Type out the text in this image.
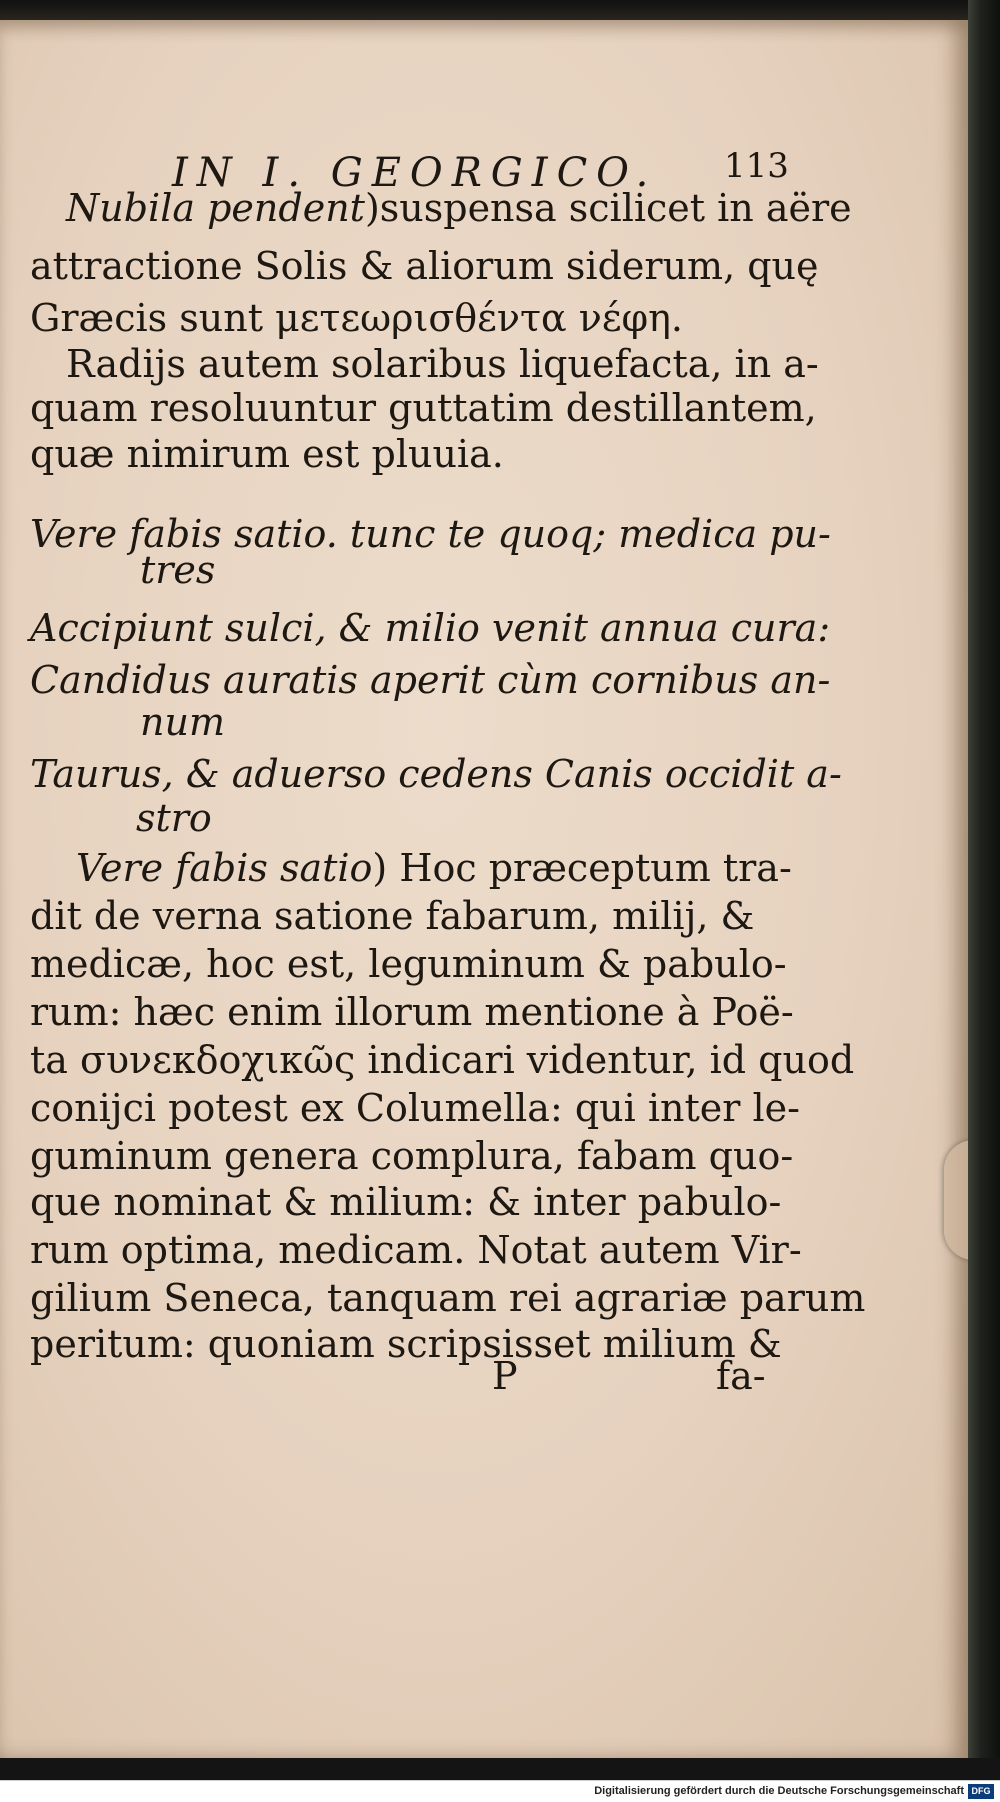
IN I. GEORGICO.	113
Nubila pendent)suspensa scilicet in aëre
attractione Solis & aliorum siderum, quę
Græcis sunt μετεωρισθέντα νέφη.
Radijs autem solaribus liquefacta, in a-
quam resoluuntur guttatim destillantem,
quæ nimirum est pluuia.
Vere fabis satio. tunc te quoq; medica pu-
tres
Accipiunt sulci, & milio venit annua cura:
Candidus auratis aperit cùm cornibus an-
num
Taurus, & aduerso cedens Canis occidit a-
stro
Vere fabis satio) Hoc præceptum tra-
dit de verna satione fabarum, milij, &
medicæ, hoc est, leguminum & pabulo-
rum: hæc enim illorum mentione à Poë-
ta συνεκδοχικῶς indicari videntur, id quod
conijci potest ex Columella: qui inter le-
guminum genera complura, fabam quo-
que nominat & milium: & inter pabulo-
rum optima, medicam. Notat autem Vir-
gilium Seneca, tanquam rei agrariæ parum
peritum: quoniam scripsisset milium &
P	fa-
Digitalisierung gefördert durch die Deutsche Forschungsgemeinschaft DFG
